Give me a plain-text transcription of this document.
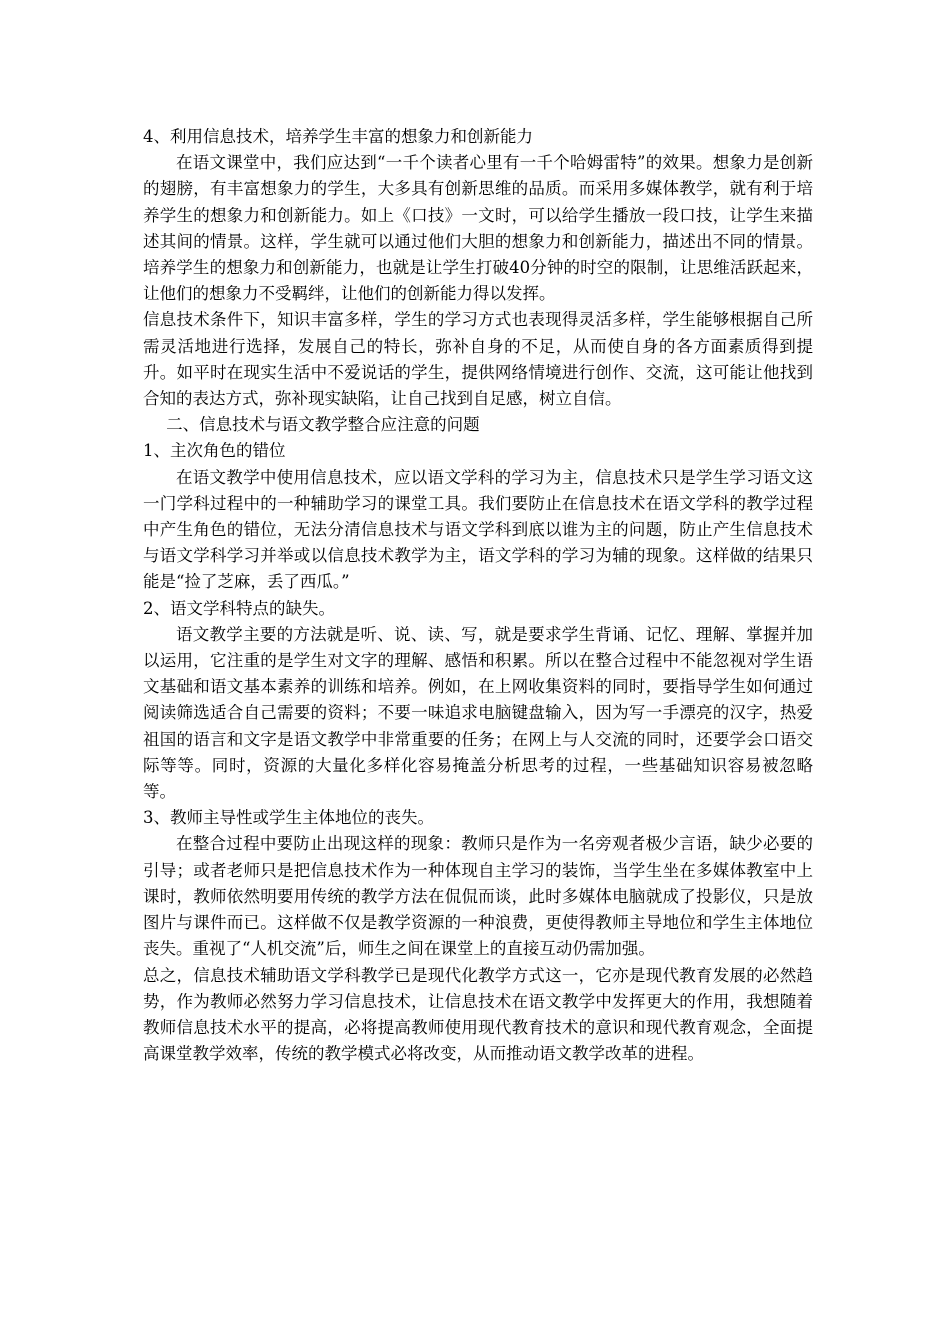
4、利用信息技术，培养学生丰富的想象力和创新能力

在语文课堂中，我们应达到“一千个读者心里有一千个哈姆雷特”的效果。想象力是创新的翅膀，有丰富想象力的学生，大多具有创新思维的品质。而采用多媒体教学，就有利于培养学生的想象力和创新能力。如上《口技》一文时，可以给学生播放一段口技，让学生来描述其间的情景。这样，学生就可以通过他们大胆的想象力和创新能力，描述出不同的情景。培养学生的想象力和创新能力，也就是让学生打破40分钟的时空的限制，让思维活跃起来，让他们的想象力不受羁绊，让他们的创新能力得以发挥。

信息技术条件下，知识丰富多样，学生的学习方式也表现得灵活多样，学生能够根据自己所需灵活地进行选择，发展自己的特长，弥补自身的不足，从而使自身的各方面素质得到提升。如平时在现实生活中不爱说话的学生，提供网络情境进行创作、交流，这可能让他找到合知的表达方式，弥补现实缺陷，让自己找到自足感，树立自信。

二、信息技术与语文教学整合应注意的问题

1、主次角色的错位

在语文教学中使用信息技术，应以语文学科的学习为主，信息技术只是学生学习语文这一门学科过程中的一种辅助学习的课堂工具。我们要防止在信息技术在语文学科的教学过程中产生角色的错位，无法分清信息技术与语文学科到底以谁为主的问题，防止产生信息技术与语文学科学习并举或以信息技术教学为主，语文学科的学习为辅的现象。这样做的结果只能是“捡了芝麻，丢了西瓜。”

2、语文学科特点的缺失。

语文教学主要的方法就是听、说、读、写，就是要求学生背诵、记忆、理解、掌握并加以运用，它注重的是学生对文字的理解、感悟和积累。所以在整合过程中不能忽视对学生语文基础和语文基本素养的训练和培养。例如，在上网收集资料的同时，要指导学生如何通过阅读筛选适合自己需要的资料；不要一味追求电脑键盘输入，因为写一手漂亮的汉字，热爱祖国的语言和文字是语文教学中非常重要的任务；在网上与人交流的同时，还要学会口语交际等等。同时，资源的大量化多样化容易掩盖分析思考的过程，一些基础知识容易被忽略等。

3、教师主导性或学生主体地位的丧失。

在整合过程中要防止出现这样的现象：教师只是作为一名旁观者极少言语，缺少必要的引导；或者老师只是把信息技术作为一种体现自主学习的装饰，当学生坐在多媒体教室中上课时，教师依然明要用传统的教学方法在侃侃而谈，此时多媒体电脑就成了投影仪，只是放图片与课件而已。这样做不仅是教学资源的一种浪费，更使得教师主导地位和学生主体地位丧失。重视了“人机交流”后，师生之间在课堂上的直接互动仍需加强。

总之，信息技术辅助语文学科教学已是现代化教学方式这一，它亦是现代教育发展的必然趋势，作为教师必然努力学习信息技术，让信息技术在语文教学中发挥更大的作用，我想随着教师信息技术水平的提高，必将提高教师使用现代教育技术的意识和现代教育观念，全面提高课堂教学效率，传统的教学模式必将改变，从而推动语文教学改革的进程。
